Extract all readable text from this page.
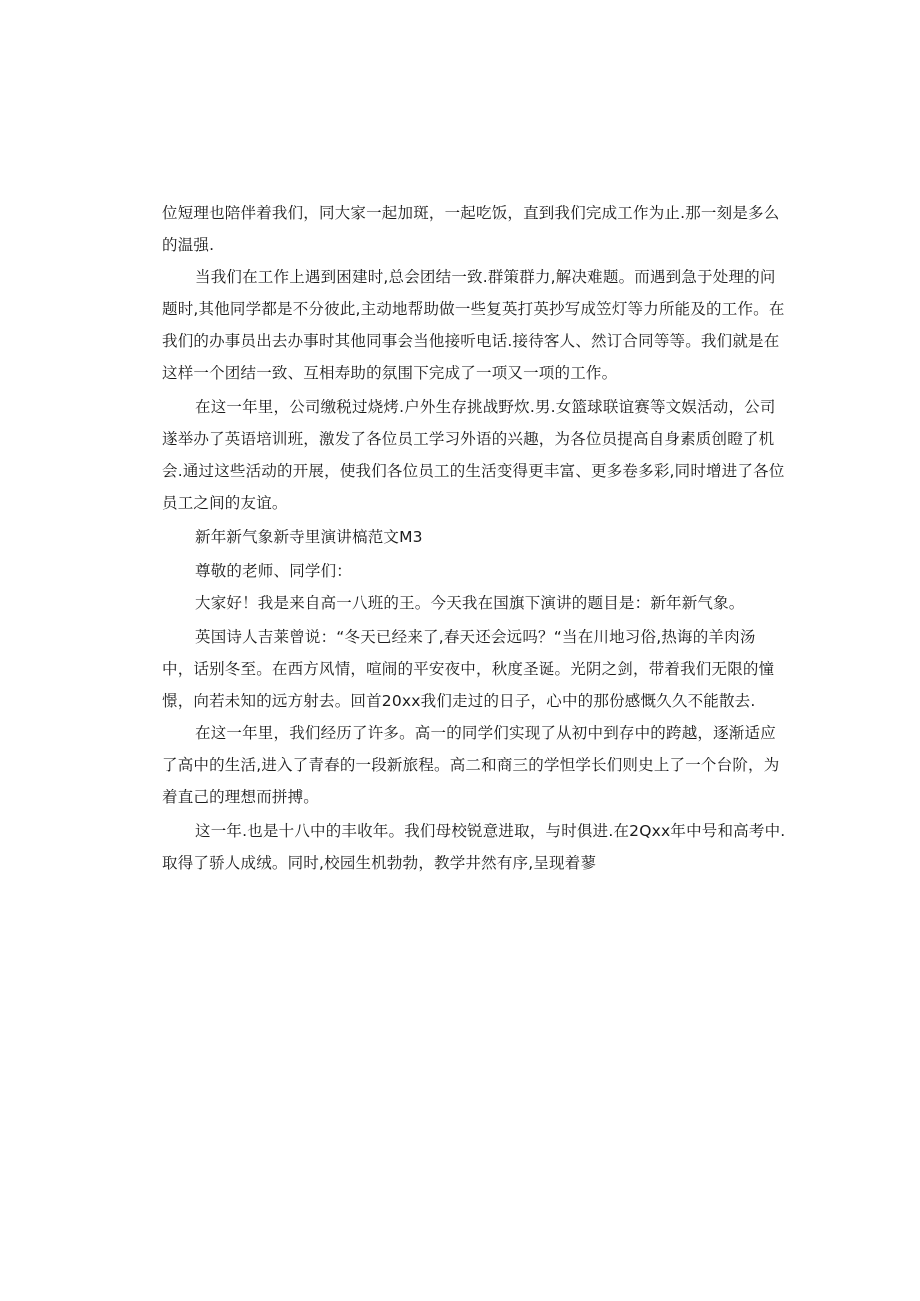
位短理也陪伴着我们，同大家一起加斑，一起吃饭，直到我们完成工作为止.那一刻是多么
的温强.
当我们在工作上遇到困建时,总会团结一致.群策群力,解决难题。而遇到急于处理的问
题时,其他同学都是不分彼此,主动地帮助做一些复英打英抄写成笠灯等力所能及的工作。在
我们的办事员出去办事时其他同事会当他接听电话.接待客人、然订合同等等。我们就是在
这样一个团结一致、互相寿助的氛围下完成了一项又一项的工作。
在这一年里，公司缴税过烧烤.户外生存挑战野炊.男.女篮球联谊赛等文娱活动，公司
遂举办了英语培训班，激发了各位员工学习外语的兴趣，为各位员提高自身素质创瞪了机
会.通过这些活动的开展，使我们各位员工的生活变得更丰富、更多卷多彩,同时增进了各位
员工之间的友谊。
新年新气象新寺里演讲槁范文M3
尊敬的老师、同学们：
大家好！我是来自高一八班的王。今天我在国旗下演讲的题目是：新年新气象。
英国诗人吉莱曾说：“冬天已经来了,春天还会远吗？“当在川地习俗,热诲的羊肉汤
中，话别冬至。在西方风情，喧闹的平安夜中，秋度圣诞。光阴之剑，带着我们无限的憧
憬，向若未知的远方射去。回首20xx我们走过的日子，心中的那份感慨久久不能散去.
在这一年里，我们经历了许多。高一的同学们实现了从初中到存中的跨越，逐渐适应
了高中的生活,进入了青春的一段新旅程。高二和商三的学怛学长们则史上了一个台阶，为
着直己的理想而拼搏。
这一年.也是十八中的丰收年。我们母校锐意进取，与时俱进.在2Qxx年中号和高考中.
取得了骄人成绒。同时,校园生机勃勃，教学井然有序,呈现着蓼
